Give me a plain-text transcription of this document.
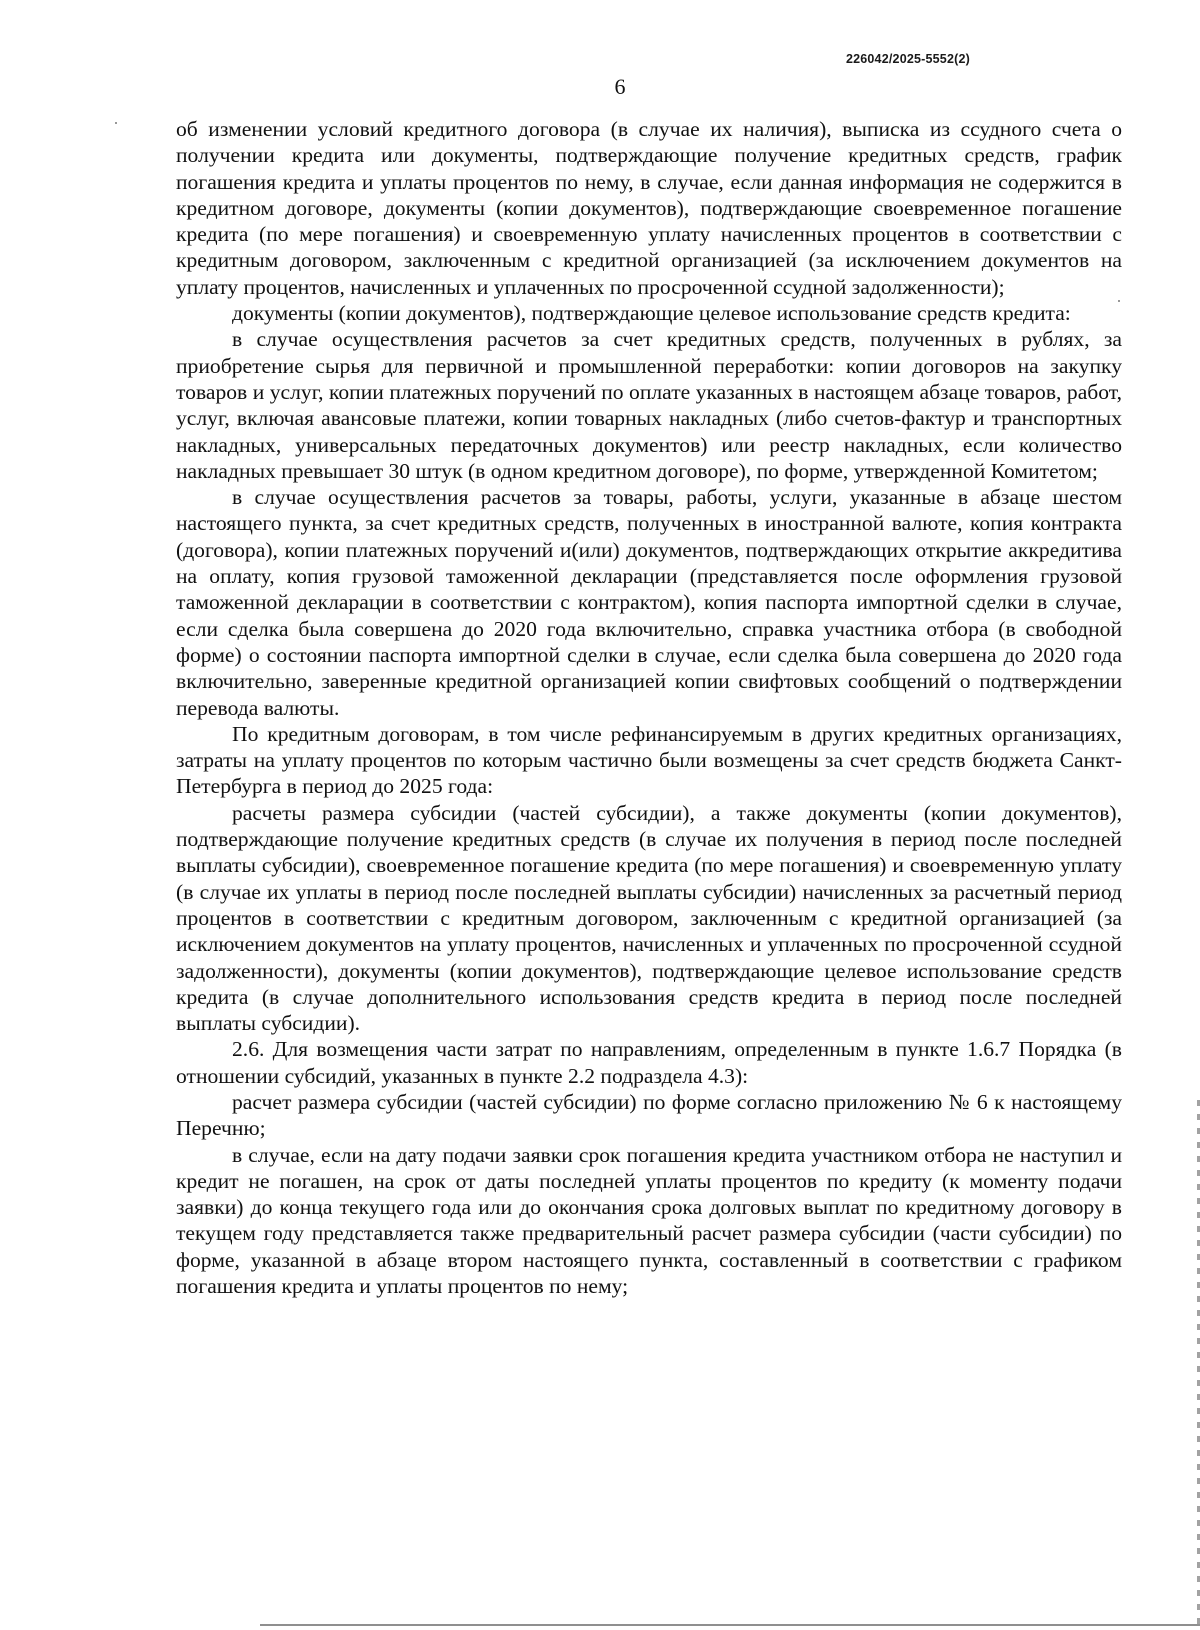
226042/2025-5552(2)
6

об изменении условий кредитного договора (в случае их наличия), выписка из ссудного счета о получении кредита или документы, подтверждающие получение кредитных средств, график погашения кредита и уплаты процентов по нему, в случае, если данная информация не содержится в кредитном договоре, документы (копии документов), подтверждающие своевременное погашение кредита (по мере погашения) и своевременную уплату начисленных процентов в соответствии с кредитным договором, заключенным с кредитной организацией (за исключением документов на уплату процентов, начисленных и уплаченных по просроченной ссудной задолженности);

документы (копии документов), подтверждающие целевое использование средств кредита:

в случае осуществления расчетов за счет кредитных средств, полученных в рублях, за приобретение сырья для первичной и промышленной переработки: копии договоров на закупку товаров и услуг, копии платежных поручений по оплате указанных в настоящем абзаце товаров, работ, услуг, включая авансовые платежи, копии товарных накладных (либо счетов-фактур и транспортных накладных, универсальных передаточных документов) или реестр накладных, если количество накладных превышает 30 штук (в одном кредитном договоре), по форме, утвержденной Комитетом;

в случае осуществления расчетов за товары, работы, услуги, указанные в абзаце шестом настоящего пункта, за счет кредитных средств, полученных в иностранной валюте, копия контракта (договора), копии платежных поручений и(или) документов, подтверждающих открытие аккредитива на оплату, копия грузовой таможенной декларации (представляется после оформления грузовой таможенной декларации в соответствии с контрактом), копия паспорта импортной сделки в случае, если сделка была совершена до 2020 года включительно, справка участника отбора (в свободной форме) о состоянии паспорта импортной сделки в случае, если сделка была совершена до 2020 года включительно, заверенные кредитной организацией копии свифтовых сообщений о подтверждении перевода валюты.

По кредитным договорам, в том числе рефинансируемым в других кредитных организациях, затраты на уплату процентов по которым частично были возмещены за счет средств бюджета Санкт-Петербурга в период до 2025 года:

расчеты размера субсидии (частей субсидии), а также документы (копии документов), подтверждающие получение кредитных средств (в случае их получения в период после последней выплаты субсидии), своевременное погашение кредита (по мере погашения) и своевременную уплату (в случае их уплаты в период после последней выплаты субсидии) начисленных за расчетный период процентов в соответствии с кредитным договором, заключенным с кредитной организацией (за исключением документов на уплату процентов, начисленных и уплаченных по просроченной ссудной задолженности), документы (копии документов), подтверждающие целевое использование средств кредита (в случае дополнительного использования средств кредита в период после последней выплаты субсидии).

2.6. Для возмещения части затрат по направлениям, определенным в пункте 1.6.7 Порядка (в отношении субсидий, указанных в пункте 2.2 подраздела 4.3):

расчет размера субсидии (частей субсидии) по форме согласно приложению № 6 к настоящему Перечню;

в случае, если на дату подачи заявки срок погашения кредита участником отбора не наступил и кредит не погашен, на срок от даты последней уплаты процентов по кредиту (к моменту подачи заявки) до конца текущего года или до окончания срока долговых выплат по кредитному договору в текущем году представляется также предварительный расчет размера субсидии (части субсидии) по форме, указанной в абзаце втором настоящего пункта, составленный в соответствии с графиком погашения кредита и уплаты процентов по нему;
